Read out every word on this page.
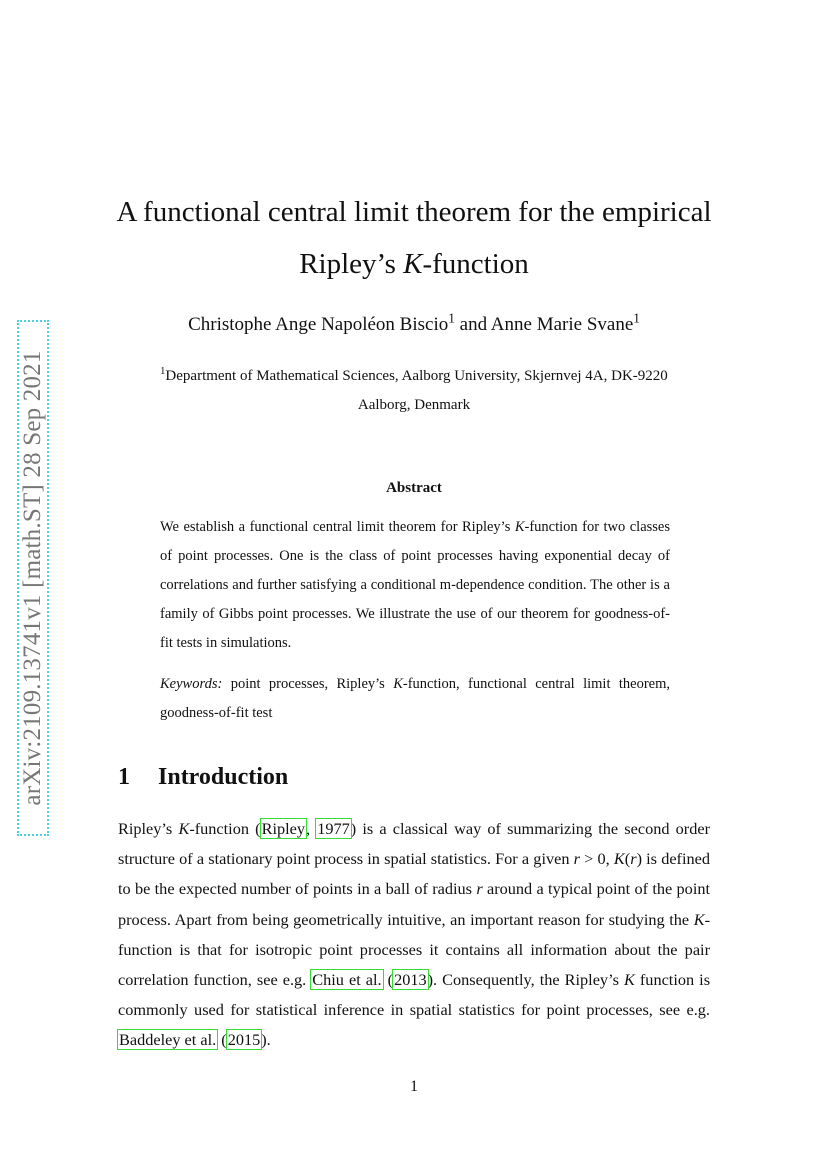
arXiv:2109.13741v1 [math.ST] 28 Sep 2021
A functional central limit theorem for the empirical
Ripley’s K-function
Christophe Ange Napoléon Biscio$^1$ and Anne Marie Svane$^1$
$^1$Department of Mathematical Sciences, Aalborg University, Skjernvej 4A, DK-9220
Aalborg, Denmark
Abstract
We establish a functional central limit theorem for Ripley’s K-function for two classes of point processes. One is the class of point processes having exponential decay of correlations and further satisfying a conditional m-dependence condition. The other is a family of Gibbs point processes. We illustrate the use of our theorem for goodness-of-fit tests in simulations.
Keywords: point processes, Ripley’s K-function, functional central limit theorem, goodness-of-fit test
1 Introduction
Ripley’s K-function (Ripley, 1977) is a classical way of summarizing the second order structure of a stationary point process in spatial statistics. For a given r > 0, K(r) is defined to be the expected number of points in a ball of radius r around a typical point of the point process. Apart from being geometrically intuitive, an important reason for studying the K-function is that for isotropic point processes it contains all information about the pair correlation function, see e.g. Chiu et al. (2013). Consequently, the Ripley’s K function is commonly used for statistical inference in spatial statistics for point processes, see e.g. Baddeley et al. (2015).
1
